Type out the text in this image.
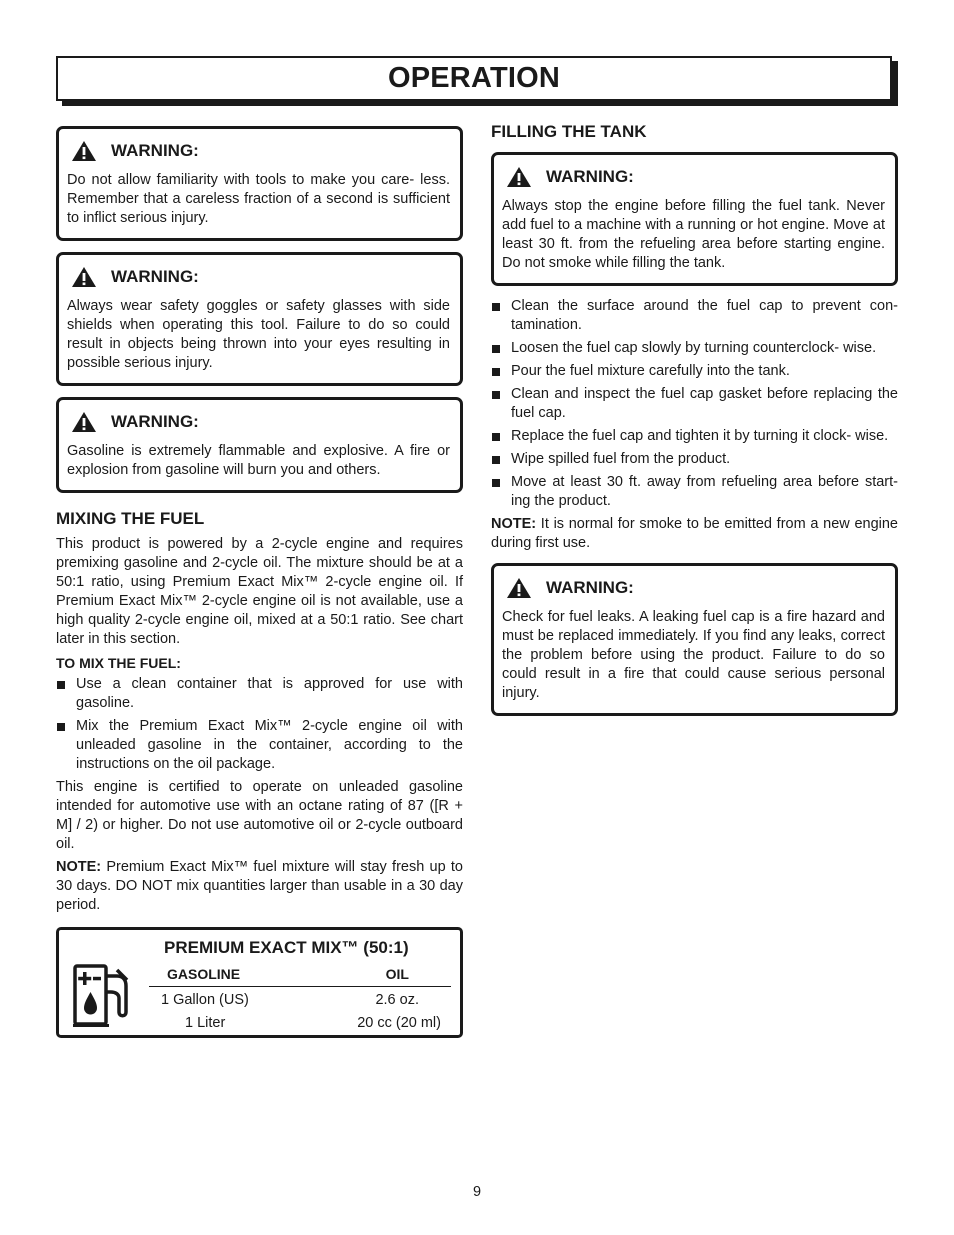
OPERATION
WARNING:
Do not allow familiarity with tools to make you care- less. Remember that a careless fraction of a second is sufficient to inflict serious injury.
WARNING:
Always wear safety goggles or safety glasses with side shields when operating this tool. Failure to do so could result in objects being thrown into your eyes resulting in possible serious injury.
WARNING:
Gasoline is extremely flammable and explosive. A fire or explosion from gasoline will burn you and others.
MIXING THE FUEL

This product is powered by a 2-cycle engine and requires premixing gasoline and 2-cycle oil. The mixture should be at a 50:1 ratio, using Premium Exact Mix™ 2-cycle engine oil. If Premium Exact Mix™ 2-cycle engine oil is not available, use a high quality 2-cycle engine oil, mixed at a 50:1 ratio. See chart later in this section.

TO MIX THE FUEL:
Use a clean container that is approved for use with gasoline.
Mix the Premium Exact Mix™ 2-cycle engine oil with unleaded gasoline in the container, according to the instructions on the oil package.

This engine is certified to operate on unleaded gasoline intended for automotive use with an octane rating of 87 ([R + M] / 2) or higher. Do not use automotive oil or 2-cycle outboard oil.

NOTE: Premium Exact Mix™ fuel mixture will stay fresh up to 30 days. DO NOT mix quantities larger than usable in a 30 day period.

PREMIUM EXACT MIX™ (50:1)
GASOLINE	OIL
1 Gallon (US)	2.6 oz.
1 Liter	20 cc (20 ml)
FILLING THE TANK
WARNING:
Always stop the engine before filling the fuel tank. Never add fuel to a machine with a running or hot engine. Move at least 30 ft. from the refueling area before starting engine. Do not smoke while filling the tank.
Clean the surface around the fuel cap to prevent con- tamination.
Loosen the fuel cap slowly by turning counterclock- wise.
Pour the fuel mixture carefully into the tank.
Clean and inspect the fuel cap gasket before replacing the fuel cap.
Replace the fuel cap and tighten it by turning it clock- wise.
Wipe spilled fuel from the product.
Move at least 30 ft. away from refueling area before start- ing the product.

NOTE: It is normal for smoke to be emitted from a new engine during first use.

WARNING:
Check for fuel leaks. A leaking fuel cap is a fire hazard and must be replaced immediately. If you find any leaks, correct the problem before using the product. Failure to do so could result in a fire that could cause serious personal injury.
9
